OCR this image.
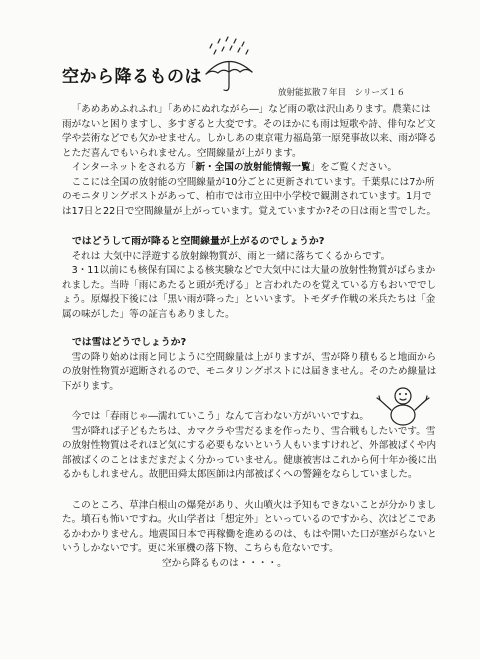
空から降るものは
放射能拡散７年目　シリーズ１６

「あめあめふれふれ」「あめにぬれながら―」など雨の歌は沢山あります。農業には雨がないと困りますし、多すぎると大変です。そのほかにも雨は短歌や詩、俳句など文学や芸術などでも欠かせません。しかしあの東京電力福島第一原発事故以来、雨が降るとただ喜んでもいられません。空間線量が上がります。

インターネットをされる方「新・全国の放射能情報一覧」をご覧ください。

ここには全国の放射能の空間線量が10分ごとに更新されています。千葉県には7か所のモニタリングポストがあって、柏市では市立田中小学校で観測されています。1月では17日と22日で空間線量が上がっています。覚えていますか?その日は雨と雪でした。

ではどうして雨が降ると空間線量が上がるのでしょうか?

それは 大気中に浮遊する放射線物質が、雨と一緒に落ちてくるからです。

3・11以前にも核保有国による核実験などで大気中には大量の放射性物質がばらまかれました。当時「雨にあたると頭が禿げる」と言われたのを覚えている方もおいででしょう。原爆投下後には「黒い雨が降った」といいます。トモダチ作戦の米兵たちは「金属の味がした」等の証言もありました。

では雪はどうでしょうか?

雪の降り始めは雨と同じように空間線量は上がりますが、雪が降り積もると地面からの放射性物質が遮断されるので、モニタリングポストには届きません。そのため線量は下がります。

今では「春雨じゃ―濡れていこう」なんて言わない方がいいですね。

雪が降れば子どもたちは、カマクラや雪だるまを作ったり、雪合戦もしたいです。雪の放射性物質はそれほど気にする必要もないという人もいますけれど、外部被ばくや内部被ばくのことはまだまだよく分かっていません。健康被害はこれから何十年か後に出るかもしれません。故肥田舜太郎医師は内部被ばくへの警鐘をならしていました。

このところ、草津白根山の爆発があり、火山噴火は予知もできないことが分かりました。墳石も怖いですね。火山学者は「想定外」といっているのですから、次はどこであるかわかりません。地震国日本で再稼働を進めるのは、もはや開いた口が塞がらないというしかないです。更に米軍機の落下物、こちらも危ないです。

空から降るものは・・・・。
